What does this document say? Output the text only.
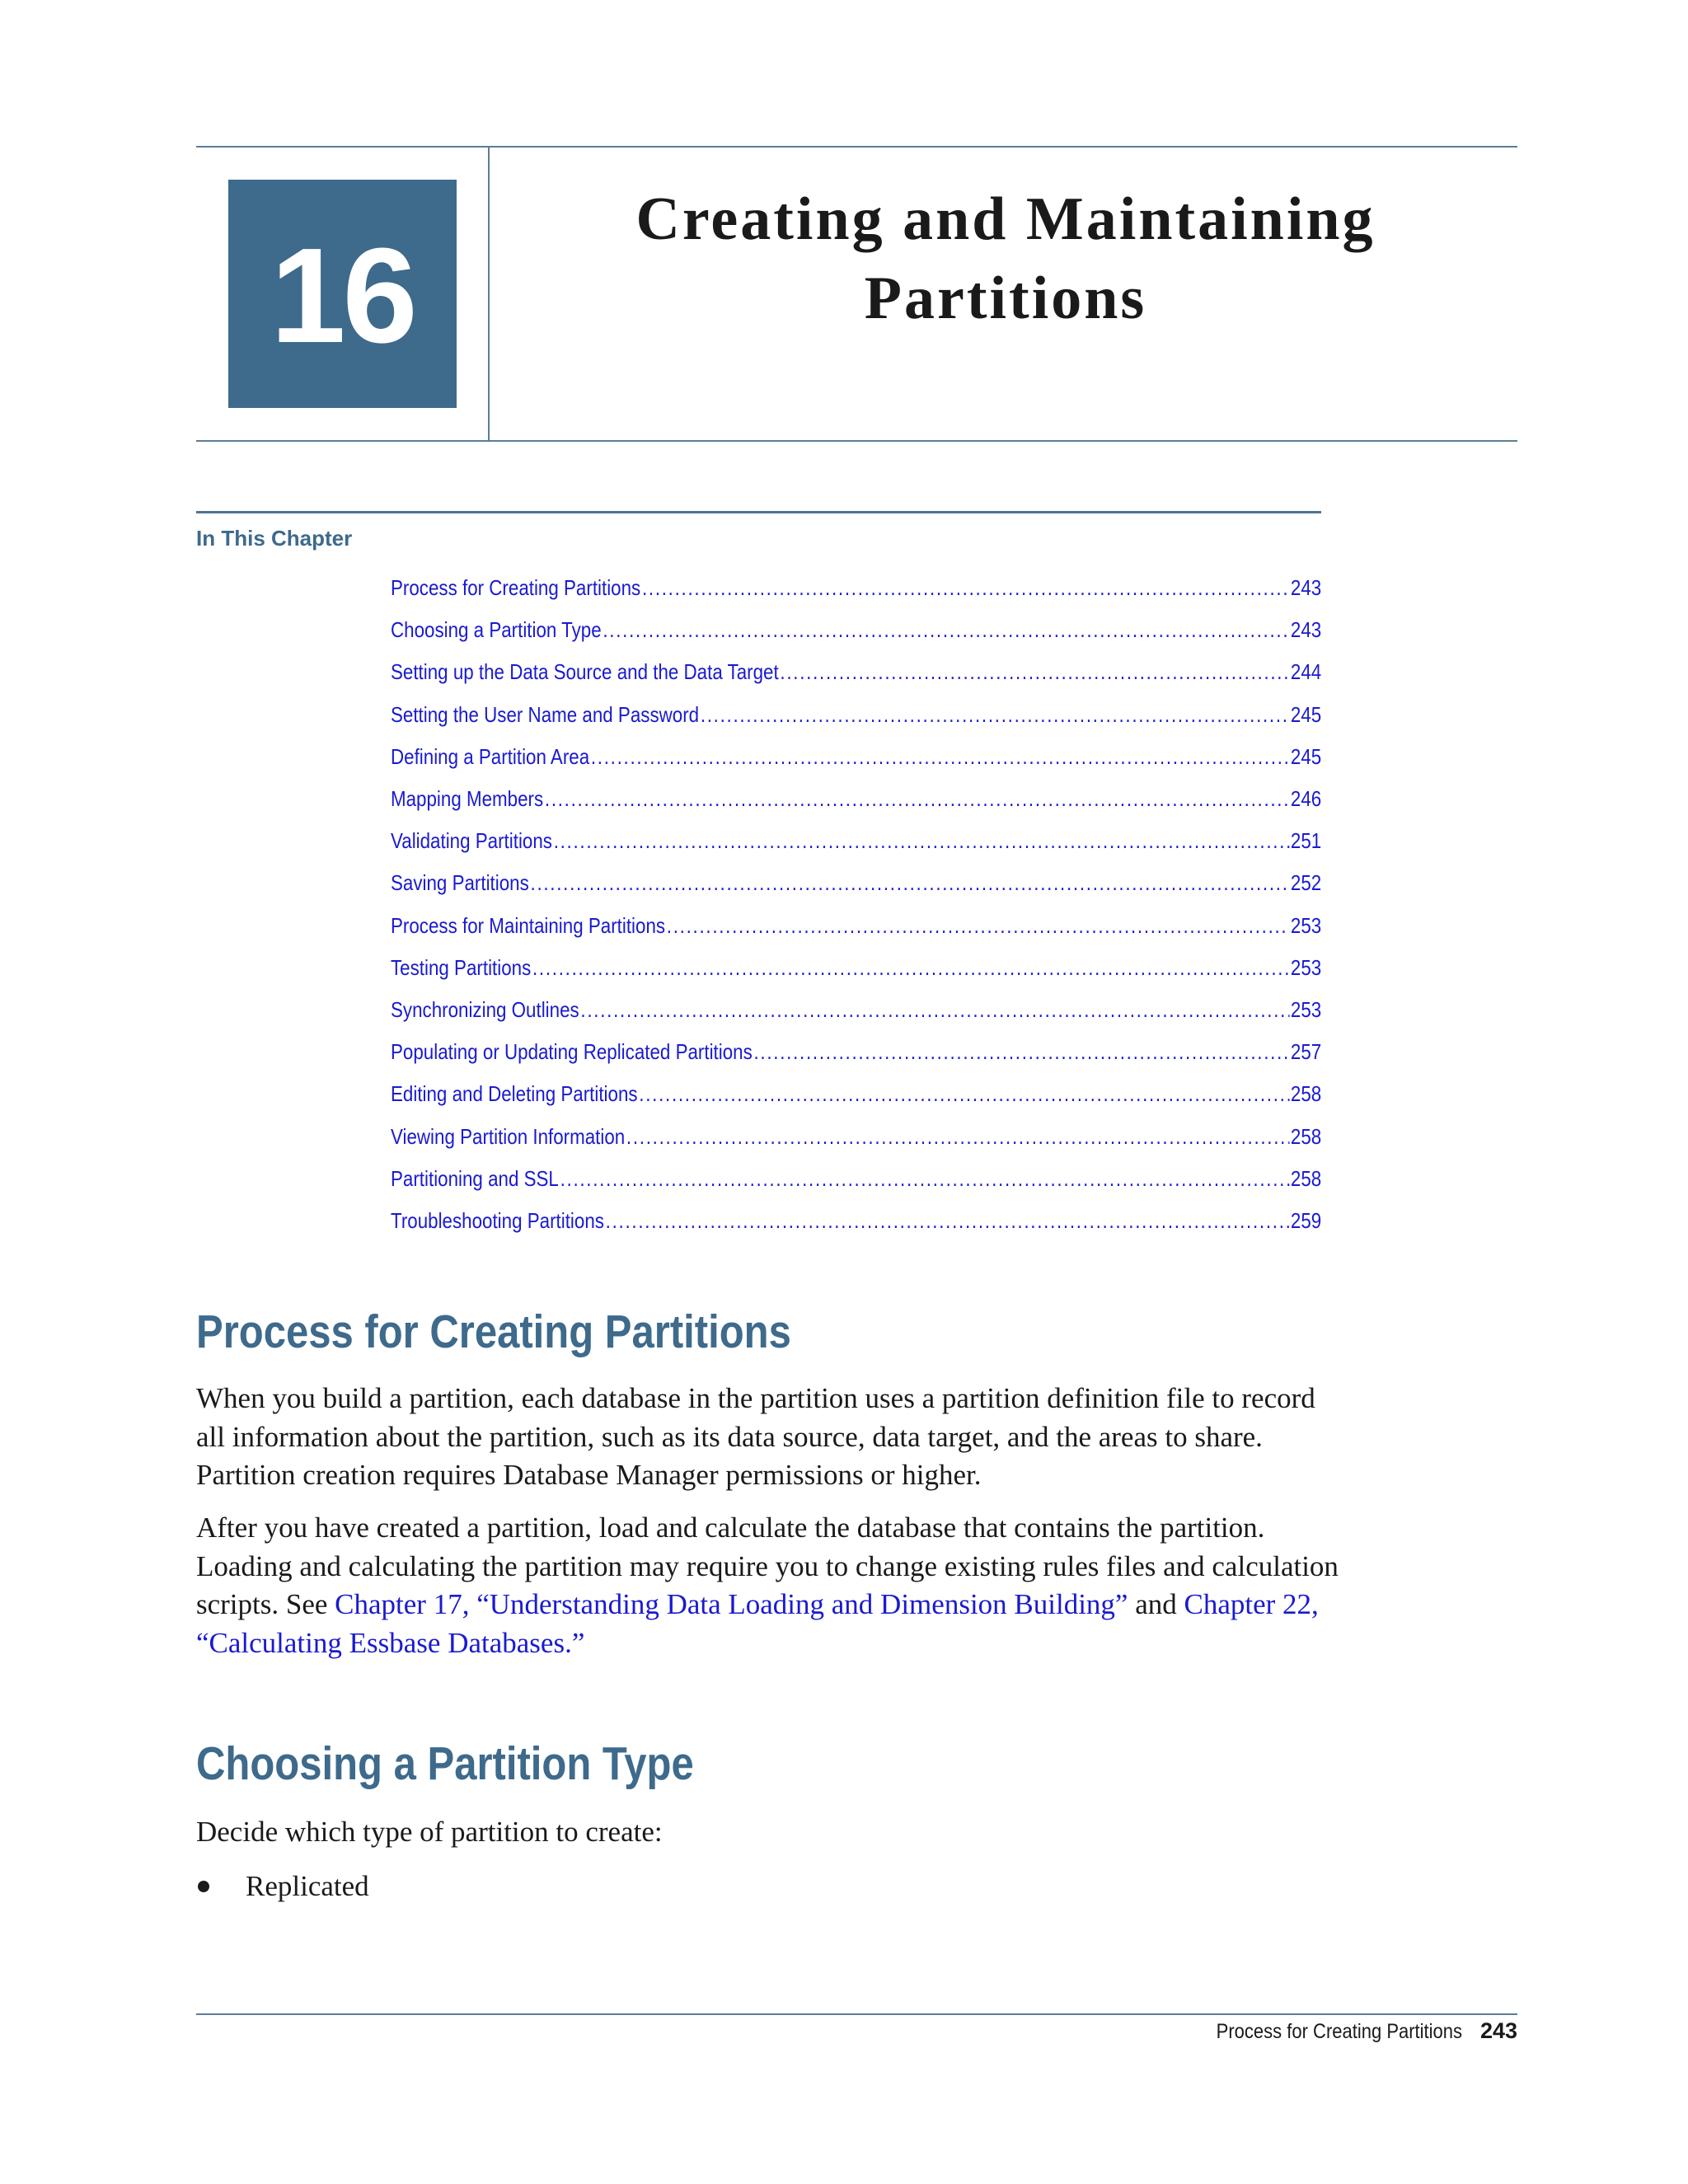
16
Creating and Maintaining
Partitions
In This Chapter
Process for Creating Partitions .....	243
Choosing a Partition Type .....	243
Setting up the Data Source and the Data Target .....	244
Setting the User Name and Password .....	245
Defining a Partition Area .....	245
Mapping Members .....	246
Validating Partitions .....	251
Saving Partitions .....	252
Process for Maintaining Partitions .....	253
Testing Partitions .....	253
Synchronizing Outlines .....	253
Populating or Updating Replicated Partitions .....	257
Editing and Deleting Partitions .....	258
Viewing Partition Information .....	258
Partitioning and SSL .....	258
Troubleshooting Partitions .....	259
Process for Creating Partitions

When you build a partition, each database in the partition uses a partition definition file to record all information about the partition, such as its data source, data target, and the areas to share. Partition creation requires Database Manager permissions or higher.

After you have created a partition, load and calculate the database that contains the partition. Loading and calculating the partition may require you to change existing rules files and calculation scripts. See Chapter 17, “Understanding Data Loading and Dimension Building” and Chapter 22, “Calculating Essbase Databases.”

Choosing a Partition Type

Decide which type of partition to create:

Replicated
Process for Creating Partitions 243
